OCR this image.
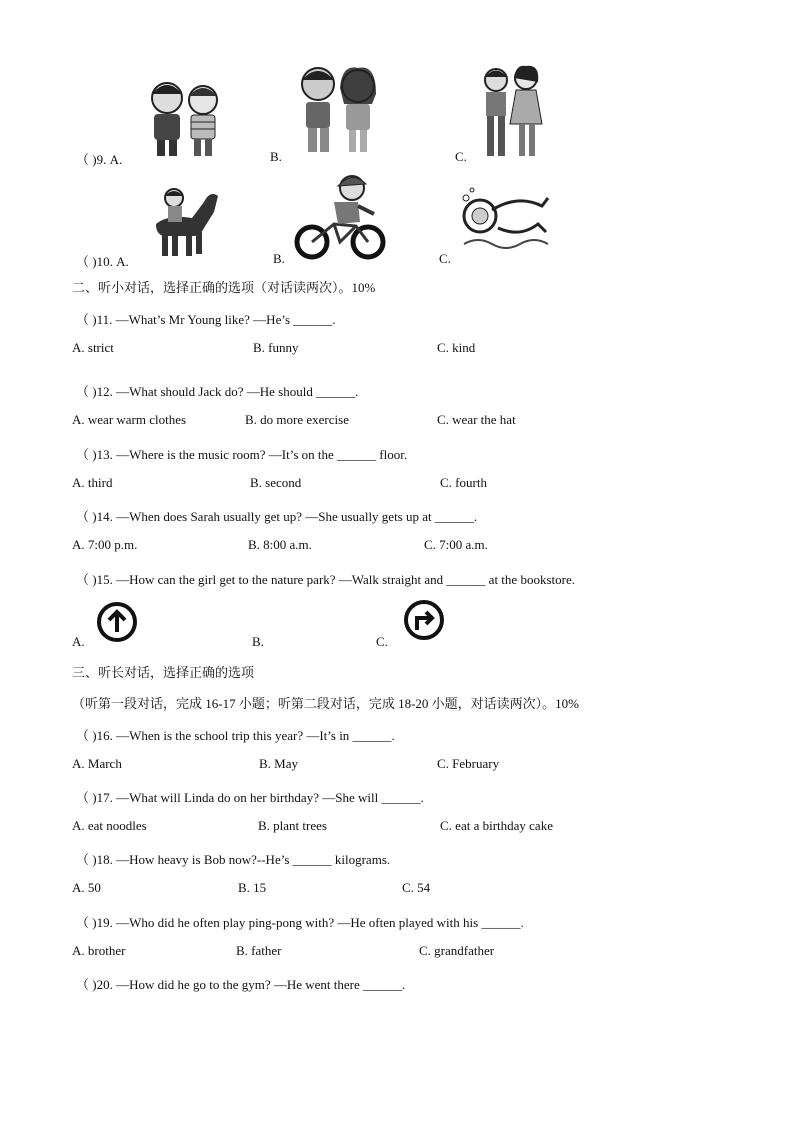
（ )9. A.	B.	C.
（ )10. A.	B.	C.
二、听小对话，选择正确的选项（对话读两次）。10%
（ )11. —What’s Mr Young like? —He’s ______.
A. strict	B. funny	C. kind
（ )12. —What should Jack do? —He should ______.
A. wear warm clothes	B. do more exercise	C. wear the hat
（ )13. —Where is the music room? —It’s on the ______ floor.
A. third	B. second	C. fourth
（ )14. —When does Sarah usually get up? —She usually gets up at ______.
A. 7:00 p.m.	B. 8:00 a.m.	C. 7:00 a.m.
（ )15. —How can the girl get to the nature park? —Walk straight and ______ at the bookstore.
A.	B.	C.
三、听长对话，选择正确的选项
（听第一段对话，完成 16-17 小题；听第二段对话，完成 18-20 小题，对话读两次）。10%
（ )16. —When is the school trip this year? —It’s in ______.
A. March	B. May	C. February
（ )17. —What will Linda do on her birthday? —She will ______.
A. eat noodles	B. plant trees	C. eat a birthday cake
（ )18. —How heavy is Bob now?--He’s ______ kilograms.
A. 50	B. 15	C. 54
（ )19. —Who did he often play ping-pong with? —He often played with his ______.
A. brother	B. father	C. grandfather
（ )20. —How did he go to the gym? —He went there ______.
